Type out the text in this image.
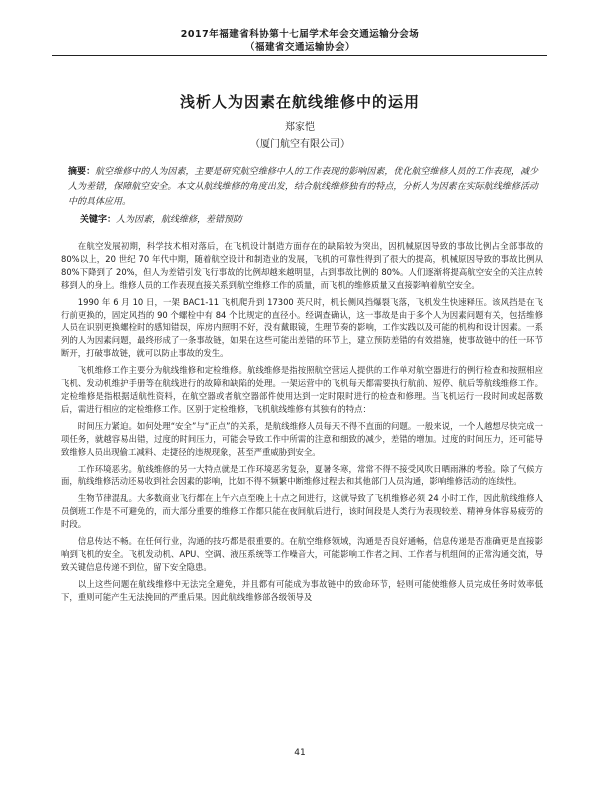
2017年福建省科协第十七届学术年会交通运输分会场
（福建省交通运输协会）
浅析人为因素在航线维修中的运用
郑家恺
（厦门航空有限公司）
摘要：航空维修中的人为因素，主要是研究航空维修中人的工作表现的影响因素，优化航空维修人员的工作表现，减少人为差错，保障航空安全。本文从航线维修的角度出发，结合航线维修独有的特点，分析人为因素在实际航线维修活动中的具体应用。
关键字：人为因素，航线维修，差错预防

在航空发展初期，科学技术相对落后，在飞机设计制造方面存在的缺陷较为突出，因机械原因导致的事故比例占全部事故的 80%以上，20 世纪 70 年代中期，随着航空设计和制造业的发展，飞机的可靠性得到了很大的提高，机械原因导致的事故比例从 80%下降到了 20%，但人为差错引发飞行事故的比例却越来越明显，占到事故比例的 80%。人们逐渐将提高航空安全的关注点转移到人的身上。维修人员的工作表现直接关系到航空维修工作的质量，而飞机的维修质量又直接影响着航空安全。

1990 年 6 月 10 日，一架 BAC1-11 飞机爬升到 17300 英尺时，机长侧风挡爆裂飞落，飞机发生快速释压。该风挡是在飞行前更换的，固定风挡的 90 个螺栓中有 84 个比规定的直径小。经调查确认，这一事故是由于多个人为因素问题有关，包括维修人员在识别更换螺栓时的感知错误，库房内照明不好，没有戴眼镜，生理节奏的影响，工作实践以及可能的机构和设计因素。一系列的人为因素问题，最终形成了一条事故链，如果在这些可能出差错的环节上，建立预防差错的有效措施，使事故链中的任一环节断开，打破事故链，就可以防止事故的发生。

飞机维修工作主要分为航线维修和定检维修。航线维修是指按照航空营运人提供的工作单对航空器进行的例行检查和按照相应飞机、发动机维护手册等在航线进行的故障和缺陷的处理。一架运营中的飞机每天都需要执行航前、短停、航后等航线维修工作。定检维修是指根据适航性资料，在航空器或者航空器部件使用达到一定时限时进行的检查和修理。当飞机运行一段时间或起落数后，需进行相应的定检维修工作。区别于定检维修，飞机航线维修有其独有的特点：

时间压力紧迫。如何处理“安全”与“正点”的关系，是航线维修人员每天不得不直面的问题。一般来说，一个人越想尽快完成一项任务，就越容易出错，过度的时间压力，可能会导致工作中所需的注意和细致的减少，差错的增加。过度的时间压力，还可能导致维修人员出现偷工减料、走捷径的违规现象，甚至严重威胁到安全。

工作环境恶劣。航线维修的另一大特点就是工作环境恶劣复杂，夏暑冬寒，常常不得不接受风吹日晒雨淋的考验。除了气候方面，航线维修活动还易收到社会因素的影响，比如不得不频繁中断维修过程去和其他部门人员沟通，影响维修活动的连续性。

生物节律混乱。大多数商业飞行都在上午六点至晚上十点之间进行，这就导致了飞机维修必须 24 小时工作，因此航线维修人员倒班工作是不可避免的，而大部分重要的维修工作都只能在夜间航后进行，该时间段是人类行为表现较差、精神身体容易疲劳的时段。

信息传达不畅。在任何行业，沟通的技巧都是很重要的。在航空维修领域，沟通是否良好通畅，信息传递是否准确更是直接影响到飞机的安全。飞机发动机、APU、空调、液压系统等工作噪音大，可能影响工作者之间、工作者与机组间的正常沟通交流，导致关键信息传递不到位，留下安全隐患。

以上这些问题在航线维修中无法完全避免，并且都有可能成为事故链中的致命环节，轻则可能使维修人员完成任务时效率低下，重则可能产生无法挽回的严重后果。因此航线维修部各级领导及

41
